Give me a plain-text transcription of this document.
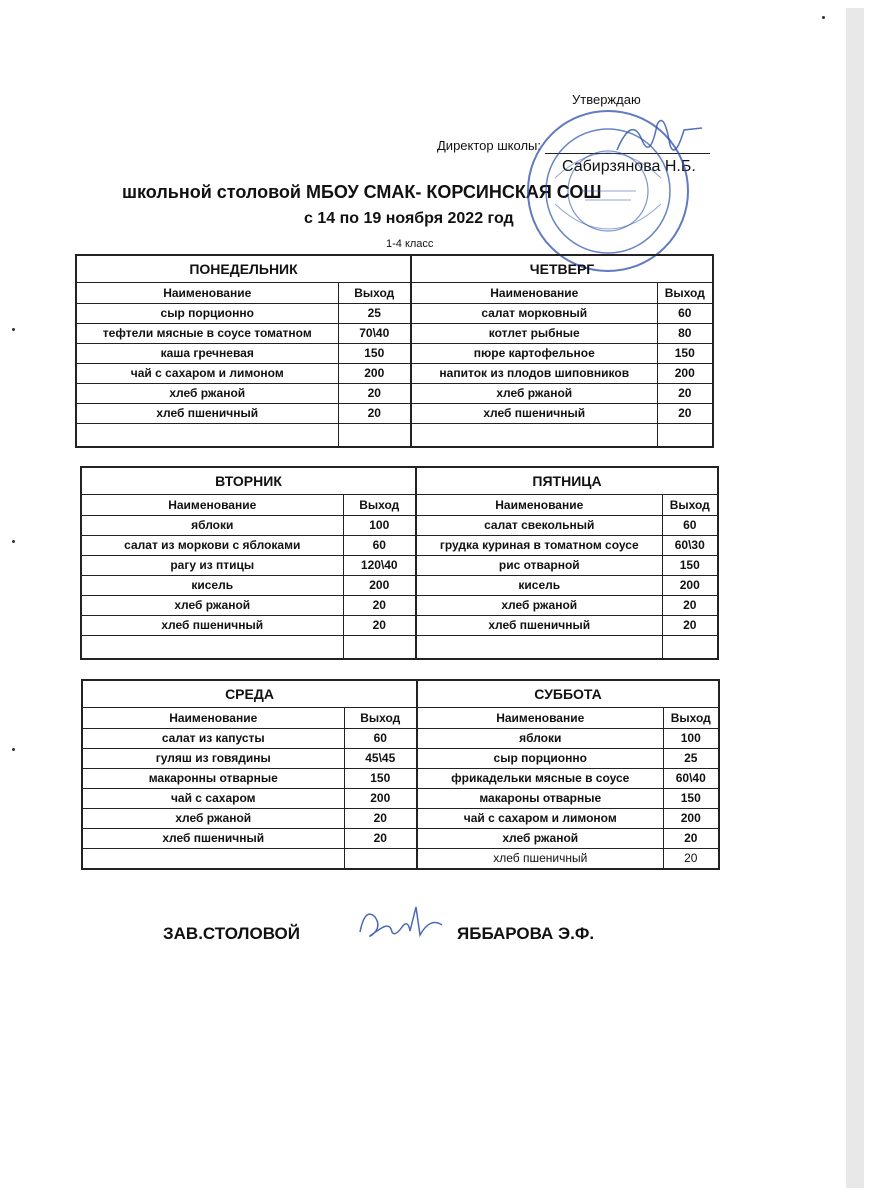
Утверждаю
Директор школы:
Сабирзянова Н.Б.
школьной столовой МБОУ СМАК- КОРСИНСКАЯ СОШ
с 14 по 19 ноября 2022 год
1-4 класс
ПОНЕДЕЛЬНИК		ЧЕТВЕРГ	
Наименование	Выход	Наименование	Выход
сыр порционно	25	салат морковный	60
тефтели мясные в соусе томатном	70\40	котлет рыбные	80
каша гречневая	150	пюре картофельное	150
чай с сахаром и лимоном	200	напиток из плодов шиповников	200
хлеб ржаной	20	хлеб ржаной	20
хлеб пшеничный	20	хлеб пшеничный	20

ВТОРНИК		ПЯТНИЦА	
Наименование	Выход	Наименование	Выход
яблоки	100	салат свекольный	60
салат из моркови с яблоками	60	грудка куриная в томатном соусе	60\30
рагу из птицы	120\40	рис отварной	150
кисель	200	кисель	200
хлеб ржаной	20	хлеб ржаной	20
хлеб пшеничный	20	хлеб пшеничный	20

СРЕДА		СУББОТА	
Наименование	Выход	Наименование	Выход
салат из капусты	60	яблоки	100
гуляш из говядины	45\45	сыр порционно	25
макаронны отварные	150	фрикадельки мясные в соусе	60\40
чай с сахаром	200	макароны отварные	150
хлеб ржаной	20	чай с сахаром и лимоном	200
хлеб пшеничный	20	хлеб ржаной	20
		хлеб пшеничный	20
ЗАВ.СТОЛОВОЙ	ЯББАРОВА Э.Ф.
